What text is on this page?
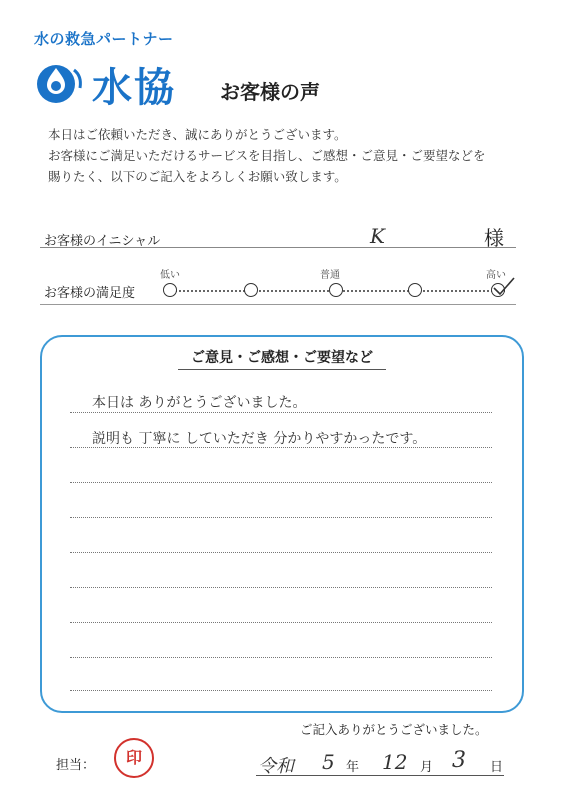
水の救急パートナー
水協 お客様の声
本日はご依頼いただき、誠にありがとうございます。
お客様にご満足いただけるサービスを目指し、ご感想・ご意見・ご要望などを
賜りたく、以下のご記入をよろしくお願い致します。
お客様のイニシャル	K	様
低い	普通	高い
お客様の満足度
ご意見・ご感想・ご要望など
本日は ありがとうございました。
説明も 丁寧に していただき 分かりやすかったです。
ご記入ありがとうございました。
担当：	印	令和 5 年 12 月 3 日
